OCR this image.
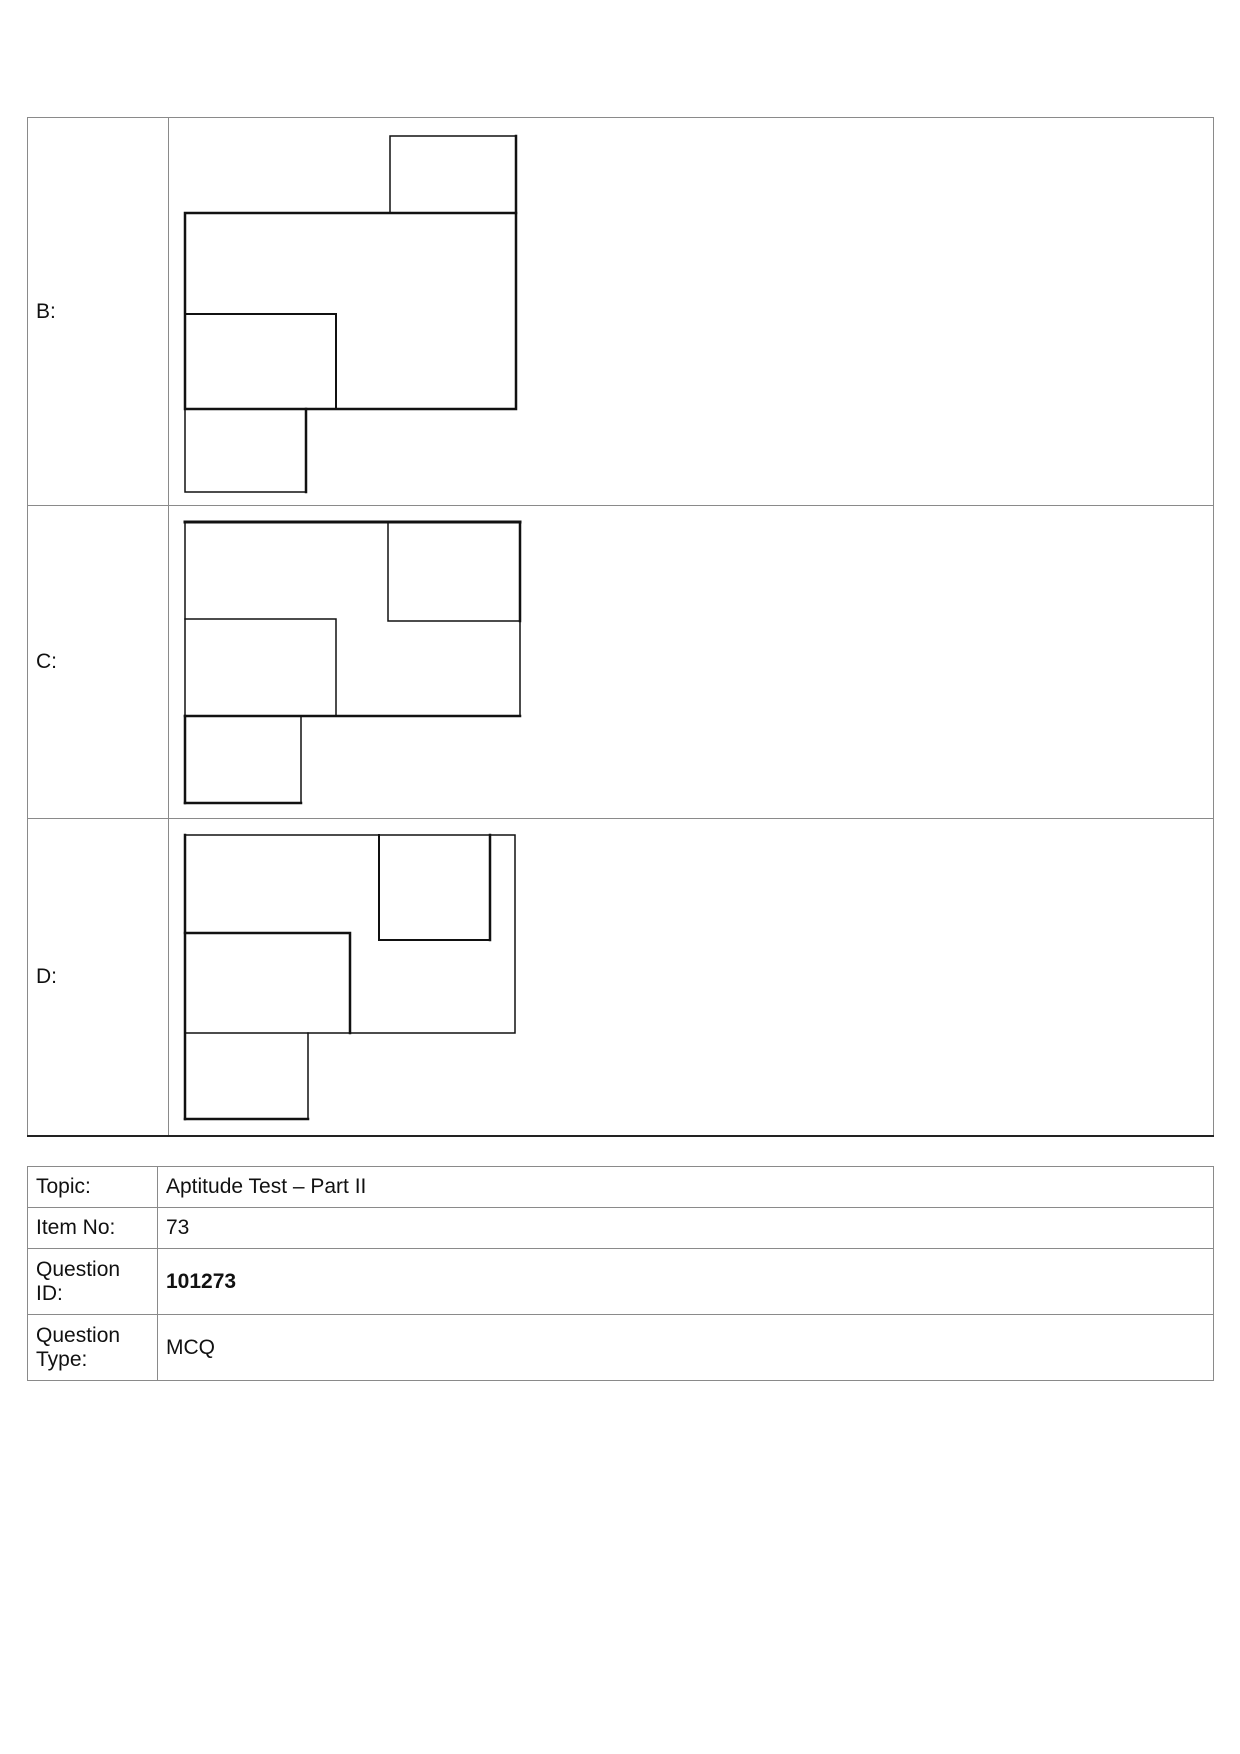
B:	

C:	

D:	
Topic:	Aptitude Test – Part II
Item No:	73
Question ID:	101273
Question Type:	MCQ
